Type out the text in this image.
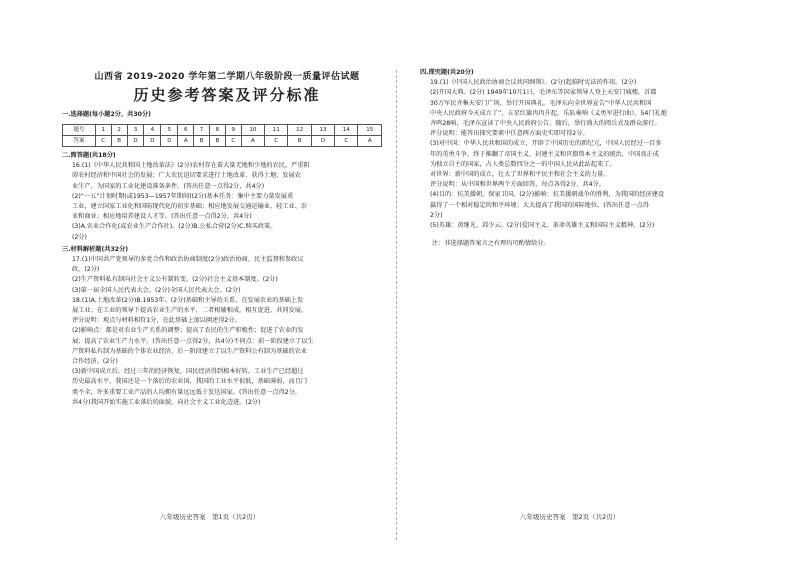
山西省 2019-2020 学年第二学期八年级阶段一质量评估试题
历史参考答案及评分标准
一.选择题(每小题2分，共30分)
题号	1	2	3	4	5	6	7	8	9	10	11	12	13	14	15
答案	C	B	D	D	D	A	B	B	C	A	C	B	D	C	A
二.简答题(共18分)
16.(1)《中华人民共和国土地改革法》(2分)农村存在着大量无地和少地的农民，严重阻
碍农村经济和中国社会的发展；广大农民迫切要求进行土地改革，获得土地；发展农
业生产，为国家的工业化建设准备条件。(答出任意一点得2分，共4分)
(2)“一五”计划时期(或1953—1957年期间)(2分)基本任务：集中主要力量发展重
工业，建立国家工业化和国防现代化的初步基础；相应地发展交通运输业、轻工业、农
业和商业；相应地培养建设人才等。(答出任意一点得2分，共4分)
(3)A.农业合作化(或农业生产合作社)。(2分)B.公私合营(2分)C.赎买政策。
(2分)
三.材料解析题(共32分)
17.(1)中国共产党领导的多党合作和政治协商制度(2分)政治协商、民主监督和参政议
政。(2分)
(2)生产资料私有制向社会主义公有制转变。(2分)社会主义基本制度。(2分)
(3)第一届全国人民代表大会。(2分)全国人民代表大会。(2分)
18.(1)A.土地改革(2分)B.1953年。(2分)基础和主导的关系，在发展农业的基础上发
展工业；在工业的领导下提高农业生产的水平，二者相辅相成，相互促进，共同发展。
评分说明：观点与材料相符1分，在此基础上加以阐述得2分。
(2)影响点：都是对农业生产关系的调整；提高了农民的生产积极性；促进了农业的发
展；提高了农业生产力水平。(答出任意一点得2分，共4分)不同点：前一阶段建立了以生
产资料私有制为基础的个体农业经济，后一阶段建立了以生产资料公有制为基础的农业
合作经济。(2分)
(3)新中国成立后，经过三年的经济恢复，国民经济得到根本好转，工业生产已经超过
历史最高水平，我国还是一个落后的农业国，我国的工业水平很低，基础薄弱，而且门
类不全，许多重要工业产品的人均拥有量远远低于发达国家。(答出任意一点得2分，
共4分)我国开始实施工业落后的面貌，向社会主义工业化迈进。(2分)
四.探究题(共20分)
19.(1)《中国人民政治协商会议共同纲领》。(2分)起临时宪法的作用。(2分)
(2)开国大典。(2分) 1949年10月1日，毛泽东等国家领导人登上天安门城楼，首都
30万军民齐集天安门广场，举行开国典礼。毛泽东向全世界宣告“中华人民共和国
中央人民政府今天成立了”，五星红旗冉冉升起，乐队奏响《义勇军进行曲》，54门礼炮
齐鸣28响，毛泽东宣读了中央人民政府公告。随后，举行盛大的阅兵式及群众游行。
评分说明：能答出探究要素中任意两方面史实即可得2分。
(3)对中国：中华人民共和国的成立，开辟了中国历史的新纪元，中国人民经过一百多
年的英勇斗争，终于推翻了帝国主义、封建主义和官僚资本主义的统治，中国真正成
为独立自主的国家，占人类总数四分之一的中国人民从此站起来了。
对世界：新中国的成立，壮大了世界和平民主和社会主义的力量。
评分说明：从中国和世界两个方面回答，每点各得2分，共4分。
(4)目的：抗美援朝，保家卫国。(2分)影响：抗美援朝战争的胜利，为我国的经济建设
赢得了一个相对稳定的和平环境；大大提高了我国的国际地位。(答出任意一点得
2分)
(5)英雄：黄继光、邱少云。(2分)爱国主义、革命英雄主义和国际主义精神。(2分)
注：非选择题答案言之有理均可酌情给分。
八年级历史答案　第1页（共2页）	八年级历史答案　第2页（共2页）
